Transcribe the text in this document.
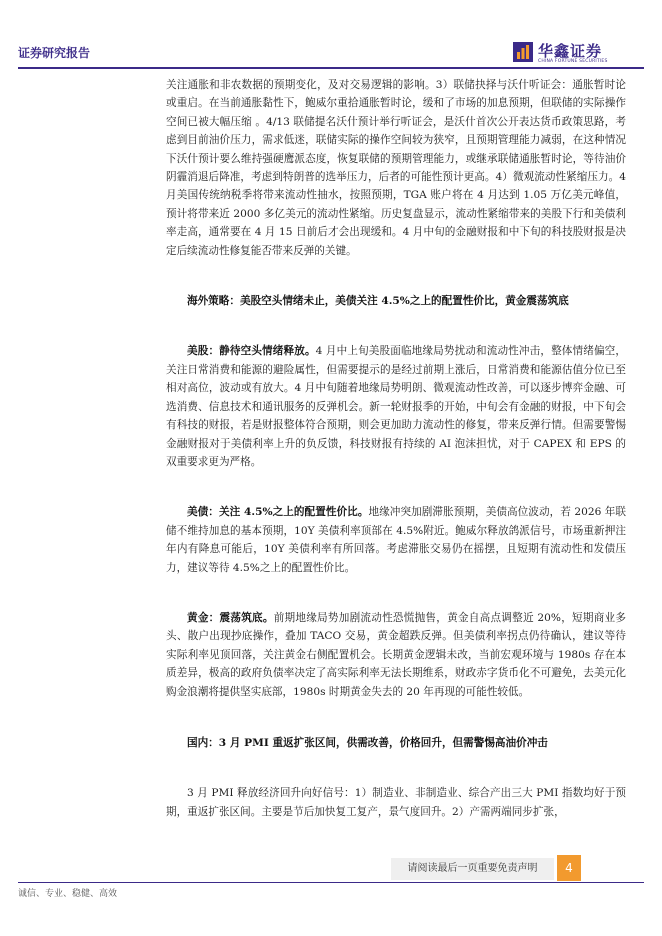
证券研究报告	华鑫证券
CHINA FORTUNE SECURITIES

关注通胀和非农数据的预期变化，及对交易逻辑的影响。3）联储抉择与沃什听证会：通胀暂时论或重启。在当前通胀黏性下，鲍威尔重拾通胀暂时论，缓和了市场的加息预期，但联储的实际操作空间已被大幅压缩 。4/13 联储提名沃什预计举行听证会，是沃什首次公开表达货币政策思路，考虑到目前油价压力，需求低迷，联储实际的操作空间较为狭窄，且预期管理能力减弱，在这种情况下沃什预计要么维持强硬鹰派态度，恢复联储的预期管理能力，或继承联储通胀暂时论，等待油价阴霾消退后降准，考虑到特朗普的选举压力，后者的可能性预计更高。4）微观流动性紧缩压力。4 月美国传统纳税季将带来流动性抽水，按照预期，TGA 账户将在 4 月达到 1.05 万亿美元峰值，预计将带来近 2000 多亿美元的流动性紧缩。历史复盘显示，流动性紧缩带来的美股下行和美债利率走高，通常要在 4 月 15 日前后才会出现缓和。4 月中旬的金融财报和中下旬的科技股财报是决定后续流动性修复能否带来反弹的关键。

海外策略：美股空头情绪未止，美债关注 4.5%之上的配置性价比，黄金震荡筑底

美股：静待空头情绪释放。4 月中上旬美股面临地缘局势扰动和流动性冲击，整体情绪偏空，关注日常消费和能源的避险属性，但需要提示的是经过前期上涨后，日常消费和能源估值分位已至相对高位，波动或有放大。4 月中旬随着地缘局势明朗、微观流动性改善，可以逐步博弈金融、可选消费、信息技术和通讯服务的反弹机会。新一轮财报季的开始，中旬会有金融的财报，中下旬会有科技的财报，若是财报整体符合预期，则会更加助力流动性的修复，带来反弹行情。但需要警惕金融财报对于美债利率上升的负反馈，科技财报有持续的 AI 泡沫担忧，对于 CAPEX 和 EPS 的双重要求更为严格。

美债：关注 4.5%之上的配置性价比。地缘冲突加剧滞胀预期，美债高位波动，若 2026 年联储不维持加息的基本预期，10Y 美债利率顶部在 4.5%附近。鲍威尔释放鸽派信号，市场重新押注年内有降息可能后，10Y 美债利率有所回落。考虑滞胀交易仍在摇摆，且短期有流动性和发债压力，建议等待 4.5%之上的配置性价比。

黄金：震荡筑底。前期地缘局势加剧流动性恐慌抛售，黄金自高点调整近 20%，短期商业多头、散户出现抄底操作，叠加 TACO 交易，黄金超跌反弹。但美债利率拐点仍待确认，建议等待实际利率见顶回落，关注黄金右侧配置机会。长期黄金逻辑未改，当前宏观环境与 1980s 存在本质差异，极高的政府负债率决定了高实际利率无法长期维系，财政赤字货币化不可避免，去美元化购金浪潮将提供坚实底部，1980s 时期黄金失去的 20 年再现的可能性较低。

国内：3 月 PMI 重返扩张区间，供需改善，价格回升，但需警惕高油价冲击

3 月 PMI 释放经济回升向好信号：1）制造业、非制造业、综合产出三大 PMI 指数均好于预期，重返扩张区间。主要是节后加快复工复产，景气度回升。2）产需两端同步扩张，

请阅读最后一页重要免责声明	4
诚信、专业、稳健、高效
